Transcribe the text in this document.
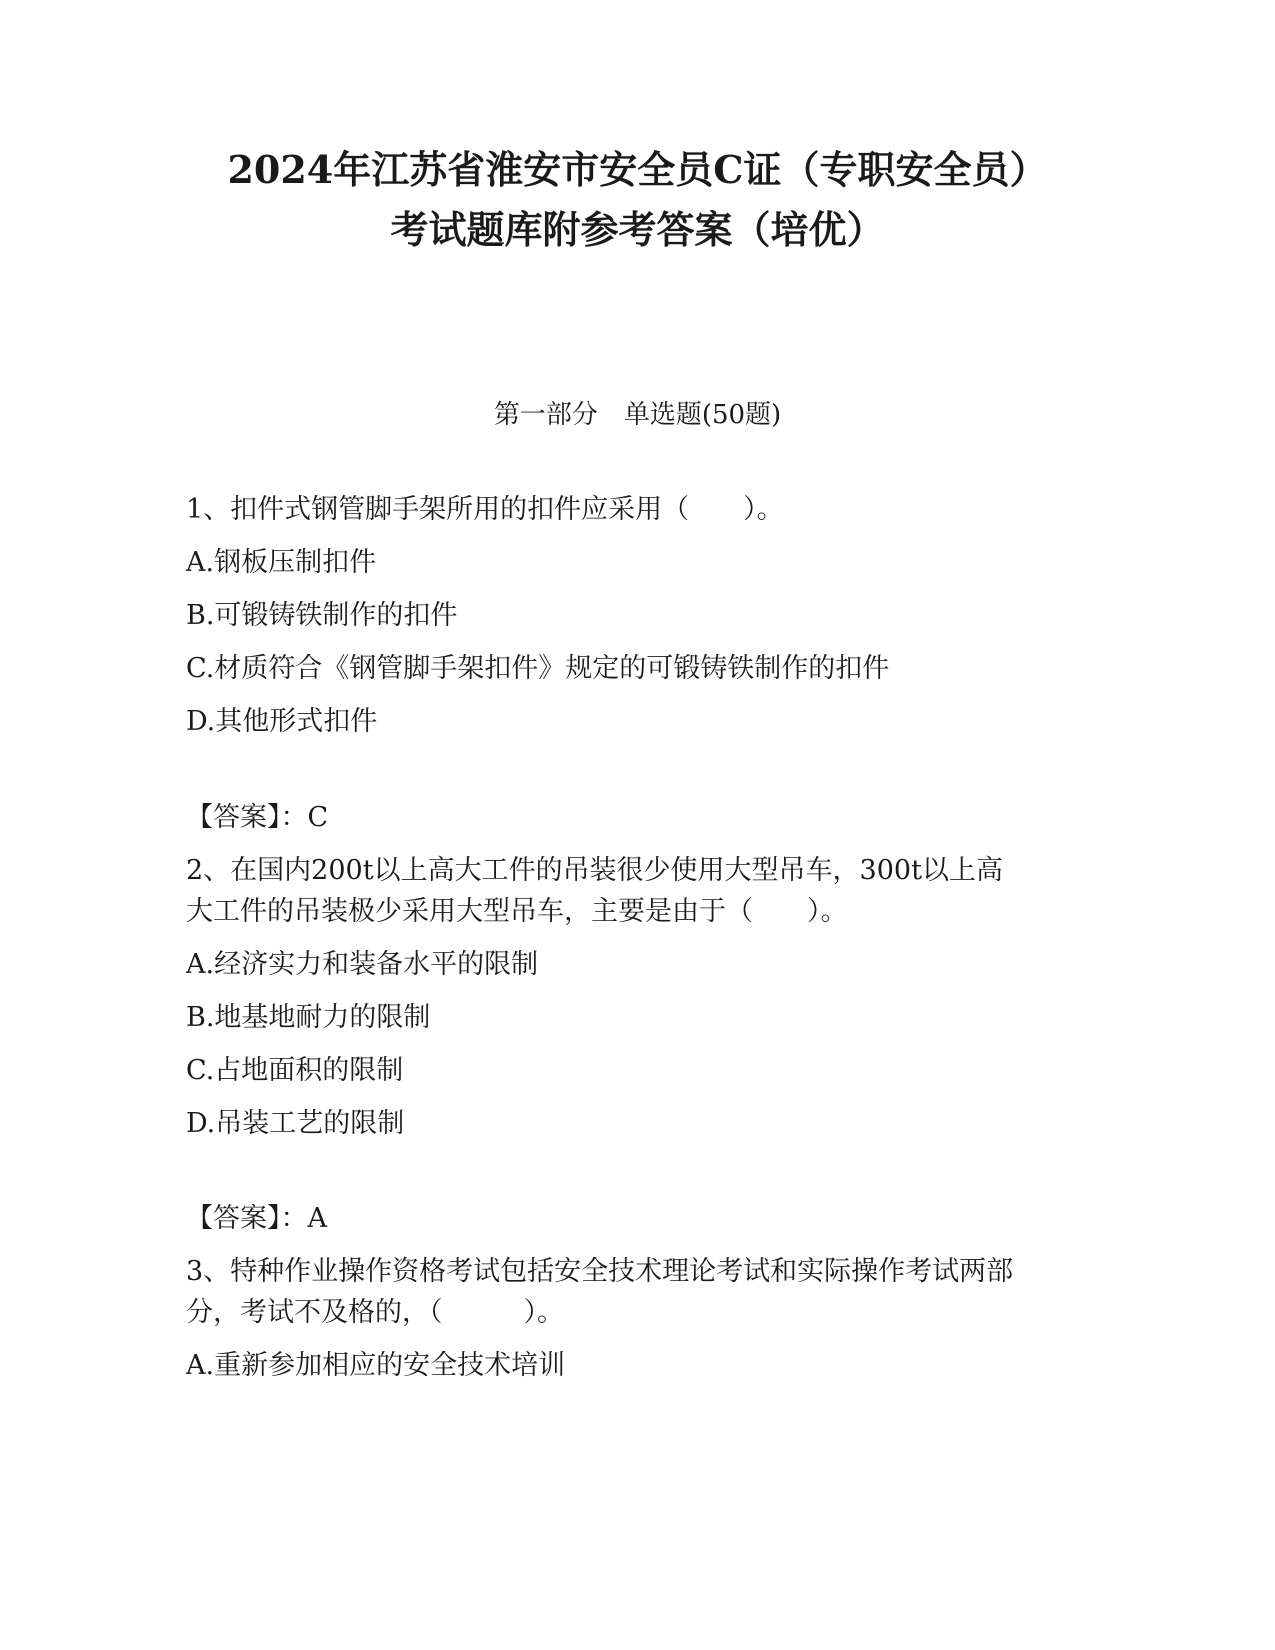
2024年江苏省淮安市安全员C证（专职安全员）
考试题库附参考答案（培优）
第一部分　单选题(50题)
1、扣件式钢管脚手架所用的扣件应采用（　　）。
A.钢板压制扣件
B.可锻铸铁制作的扣件
C.材质符合《钢管脚手架扣件》规定的可锻铸铁制作的扣件
D.其他形式扣件
【答案】：C
2、在国内200t以上高大工件的吊装很少使用大型吊车，300t以上高
大工件的吊装极少采用大型吊车，主要是由于（　　）。
A.经济实力和装备水平的限制
B.地基地耐力的限制
C.占地面积的限制
D.吊装工艺的限制
【答案】：A
3、特种作业操作资格考试包括安全技术理论考试和实际操作考试两部
分，考试不及格的，（　　　）。
A.重新参加相应的安全技术培训
